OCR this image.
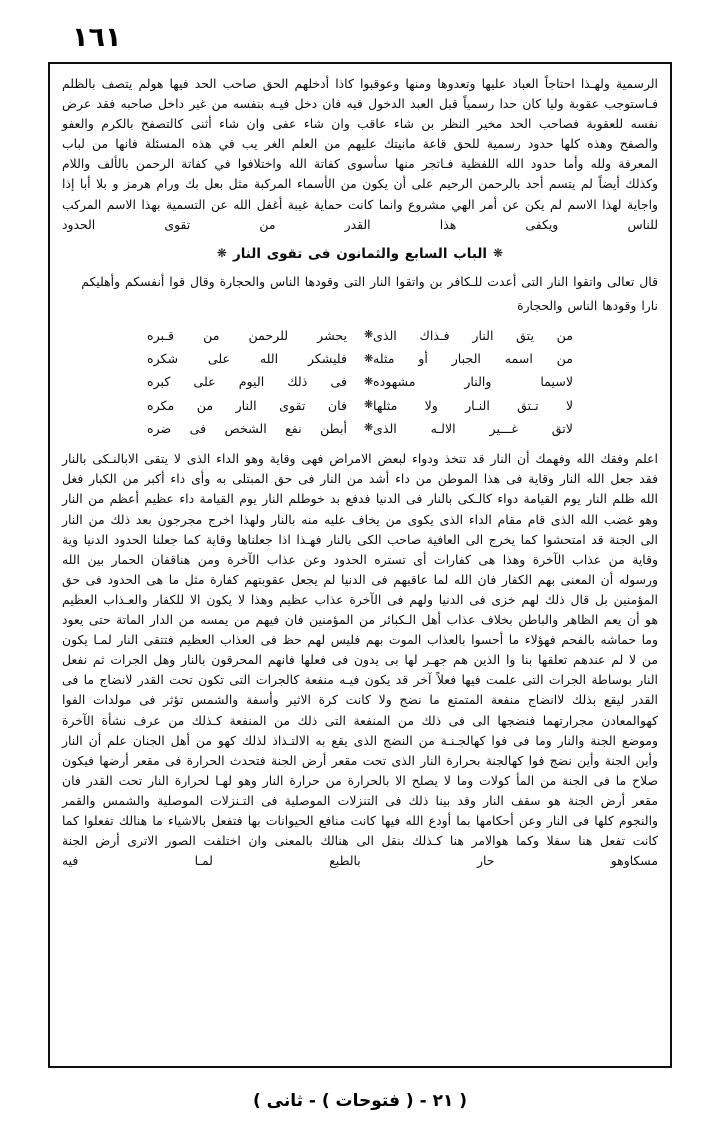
١٦١

الرسمية ولهـذا احتاجاً العباد عليها وتعدوها ومنها وعوقبوا كاذا أدخلهم الحق صاحب الحد فيها هولم يتصف بالظلم فـاستوجب عقوبة وليا كان حدا رسمياً قبل العبد الدخول فيه فان دخل فيـه بنفسه من غير داخل صاحبه فقد عرض نفسه للعقوبة فصاحب الحد مخير النظر بن شاء عاقب وان شاء عفى وان شاء أثنى كالتصفح بالكرم والعفو والصفح وهذه كلها حدود رسمية للحق قاعة مانيتك عليهم من العلم الغر يب في هذه المسئلة فانها من لباب المعرفة ولله وأما حدود الله اللفظية فـاتجر منها سأسوى كفاتة الله واختلافوا في كفاتة الرحمن بالألف واللام وكذلك أيضاً لم يتسم أحد بالرحمن الرحيم على أن يكون من الأسماء المركبة مثل بعل بك ورام هرمز و بلا أبا إذا واجاية لهذا الاسم لم يكن عن أمر الهي مشروع وانما كانت حماية غيبة أغفل الله عن التسمية بهذا الاسم المركب للناس ويكفى هذا القدر من تقوى الحدود

❋الباب السابع والثمانون فى تقوى النار❋

قال تعالى واتقوا النار التى أعدت للـكافر بن واتقوا النار التى وقودها الناس والحجارة وقال قوا أنفسكم وأهليكم

نارا وقودها الناس والحجارة

من يتق النار فـذاك الذى
❋
يحشر للرحمن من قـبره
من اسمه الجبار أو مثله
❋
فليشكر الله على شكره
لاسيما والنار مشهوده
❋
فى ذلك اليوم على كبره
لا تـتق النـار ولا مثلها
❋
فان تقوى النار من مكره
لاتق غـــير الالـه الذى
❋
أبطن نفع الشخص فى ضره

اعلم وفقك الله وفهمك أن النار قد تتخذ ودواء لبعض الامراض فهى وقاية وهو الداء الذى لا يتقى الابالنـكى بالنار فقد جعل الله النار وقاية فى هذا الموطن من داء أشد من النار فى حق المبتلى به وأى داء أكبر من الكبار فغل الله ظلم النار يوم القيامة دواء كالـكى بالنار فى الدنيا فدفع بد خوطلم النار يوم القيامة داء عظيم أعظم من النار وهو غضب الله الذى قام مقام الداء الذى يكوى من يخاف عليه منه بالنار ولهذا اخرج مجرجون بعد ذلك من النار الى الجنة قد امتحشوا كما يخرج الى العافية صاحب الكى بالنار فهـذا اذا جعلناها وقاية كما جعلنا الحدود الدنيا وية وقاية من عذاب الآخرة وهذا هى كفارات أى تستره الحدود وعن عذاب الآخرة ومن هناقفان الحمار بين الله ورسوله أن المعنى بهم الكفار فان الله لما عاقبهم فى الدنيا لم يجعل عقوبتهم كفارة مثل ما هى الحدود فى حق المؤمنين بل قال ذلك لهم خزى فى الدنيا ولهم فى الآخرة عذاب عظيم وهذا لا يكون الا للكفار والعـذاب العظيم هو أن يعم الظاهر والباطن بخلاف عذاب أهل الـكبائر من المؤمنين فان فيهم من يمسه من الدار الماتة حتى يعود وما حماشه بالفحم فهؤلاء ما أحسوا بالعذاب الموت بهم فليس لهم حظ فى العذاب العظيم فتتقى النار لمـا يكون من لا لم عندهم تعلقها بنا وا الذين هم جهـر لها بى يدون فى فعلها فانهم المحرقون بالنار وهل الجرات ثم نفعل النار بوساطة الجرات التى علمت فيها فعلاً آخر قد يكون فيـه منفعة كالجرات التى تكون تحت القدر لانضاج ما فى القدر ليقع بذلك لاانضاج منفعة المتمتع ما نضج ولا كانت كرة الاثير وأسفة والشمس تؤثر فى مولدات الفوا كهوالمعادن مجرارتهما فنضجها الى فى ذلك من المنفعة التى ذلك من المنفعة كـذلك من عرف نشأة الآخرة وموضع الجنة والنار وما فى فوا كهالجـنـة من النضج الذى يقع به الالتـذاذ لذلك كهو من أهل الجنان علم أن النار وأين الجنة وأين نضج فوا كهالجنة بحرارة النار الذى تحت مقعر أرض الجنة فتحدث الحرارة فى مقعر أرضها فيكون صلاح ما فى الجنة من المأ كولات وما لا يصلح الا بالحرارة من حرارة النار وهو لهـا لحرارة النار تحت القدر فان مقعر أرض الجنة هو سقف النار وقد بينا ذلك فى التنزلات الموصلية فى التـنزلات الموصلية والشمس والقمر والنجوم كلها فى النار وعن أحكامها بما أودع الله فيها كانت منافع الحيوانات بها فتفعل بالاشياء ما هنالك تفعلوا كما كانت تفعل هنا سفلا وكما هوالامر هنا كـذلك بنقل الى هنالك بالمعنى وان اختلفت الصور الاترى أرض الجنة مسكاوهو حار بالطبع لمـا فيه

( ٢١ - ( فتوحات ) - ثانى )
